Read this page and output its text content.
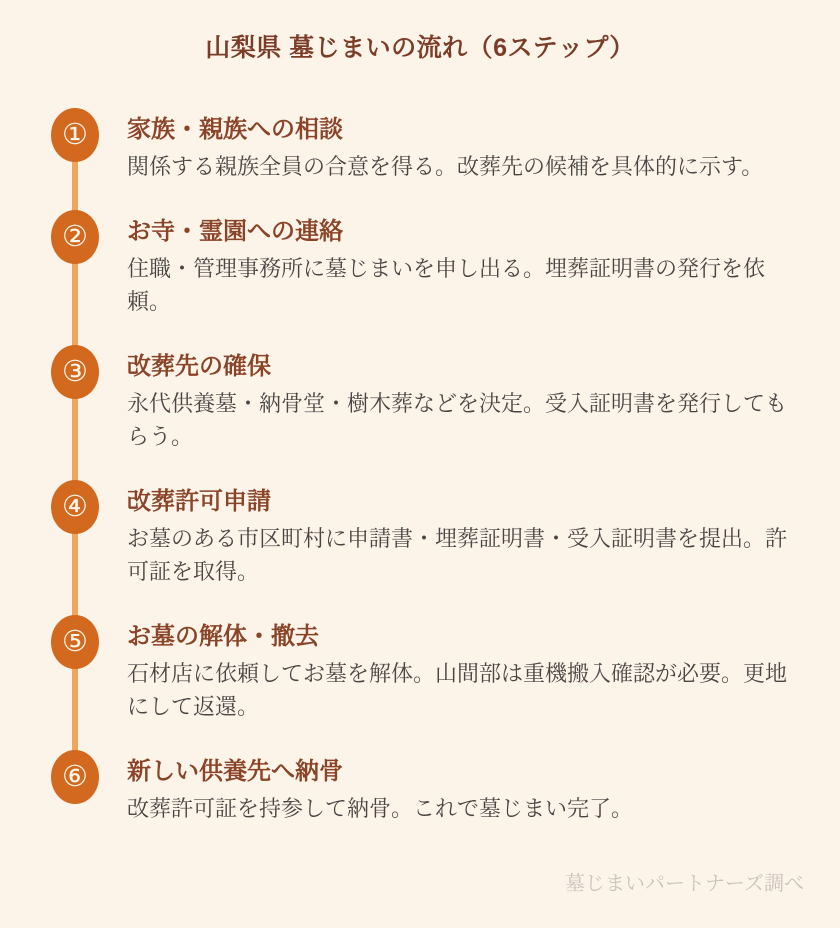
山梨県 墓じまいの流れ（6ステップ）
①	家族・親族への相談

関係する親族全員の合意を得る。改葬先の候補を具体的に示す。

②	お寺・霊園への連絡

住職・管理事務所に墓じまいを申し出る。埋葬証明書の発行を依頼。

③	改葬先の確保

永代供養墓・納骨堂・樹木葬などを決定。受入証明書を発行してもらう。

④	改葬許可申請

お墓のある市区町村に申請書・埋葬証明書・受入証明書を提出。許可証を取得。

⑤	お墓の解体・撤去

石材店に依頼してお墓を解体。山間部は重機搬入確認が必要。更地にして返還。

⑥	新しい供養先へ納骨

改葬許可証を持参して納骨。これで墓じまい完了。

墓じまいパートナーズ調べ
